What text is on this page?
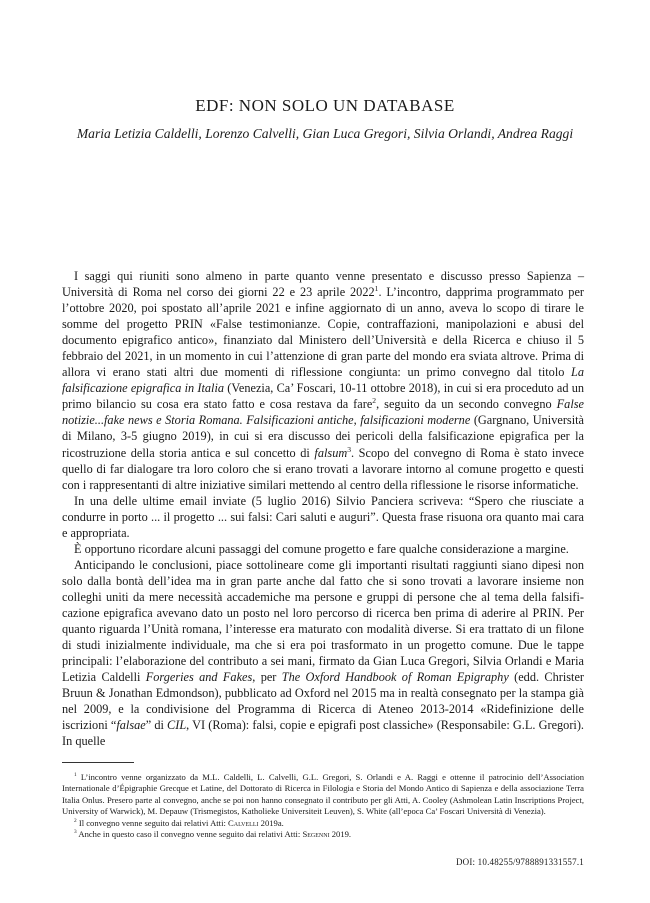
EDF: NON SOLO UN DATABASE
Maria Letizia Caldelli, Lorenzo Calvelli, Gian Luca Gregori, Silvia Orlandi, Andrea Raggi

I saggi qui riuniti sono almeno in parte quanto venne presentato e discusso presso Sapienza – Università di Roma nel corso dei giorni 22 e 23 aprile 2022$^1$. L’incontro, dapprima programmato per l’ottobre 2020, poi spostato all’aprile 2021 e infine aggiornato di un anno, aveva lo scopo di tirare le somme del progetto PRIN «False testimonianze. Copie, contraffazioni, manipolazioni e abusi del documento epigrafico antico», finanziato dal Ministero dell’Università e della Ricerca e chiuso il 5 febbraio del 2021, in un momento in cui l’attenzione di gran parte del mondo era sviata altrove. Prima di allora vi erano stati altri due momenti di riflessione congiunta: un primo convegno dal titolo La falsificazione epigrafica in Italia (Venezia, Ca’ Foscari, 10-11 ottobre 2018), in cui si era proceduto ad un primo bilancio su cosa era stato fatto e cosa restava da fare$^2$, seguito da un secondo convegno False notizie...fake news e Storia Romana. Falsificazioni antiche, falsificazioni moderne (Gargnano, Università di Milano, 3-5 giugno 2019), in cui si era discusso dei pericoli della falsificazione epigrafica per la ricostruzione della storia antica e sul concetto di falsum$^3$. Scopo del convegno di Roma è stato invece quello di far dialogare tra loro coloro che si erano trovati a lavorare intorno al comune progetto e questi con i rappresentanti di altre iniziative similari mettendo al centro della riflessione le risorse informatiche.

In una delle ultime email inviate (5 luglio 2016) Silvio Panciera scriveva: “Spero che riusciate a condurre in porto ... il progetto ... sui falsi: Cari saluti e auguri”. Questa frase risuona ora quanto mai cara e appropriata.

È opportuno ricordare alcuni passaggi del comune progetto e fare qualche considerazione a margine.

Anticipando le conclusioni, piace sottolineare come gli importanti risultati raggiunti siano dipesi non solo dalla bontà dell’idea ma in gran parte anche dal fatto che si sono trovati a lavorare insieme non colleghi uniti da mere necessità accademiche ma persone e gruppi di persone che al tema della falsificazione epigrafica avevano dato un posto nel loro percorso di ricerca ben prima di aderire al PRIN. Per quanto riguarda l’Unità romana, l’interesse era maturato con modalità diverse. Si era trattato di un filone di studi inizialmente individuale, ma che si era poi trasformato in un progetto comune. Due le tappe principali: l’elaborazione del contributo a sei mani, firmato da Gian Luca Gregori, Silvia Orlandi e Maria Letizia Caldelli Forgeries and Fakes, per The Oxford Handbook of Roman Epigraphy (edd. Christer Bruun & Jonathan Edmondson), pubblicato ad Oxford nel 2015 ma in realtà consegnato per la stampa già nel 2009, e la condivisione del Programma di Ricerca di Ateneo 2013-2014 «Ridefinizione delle iscrizioni “falsae” di CIL, VI (Roma): falsi, copie e epigrafi post classiche» (Responsabile: G.L. Gregori). In quelle

$^1$ L’incontro venne organizzato da M.L. Caldelli, L. Calvelli, G.L. Gregori, S. Orlandi e A. Raggi e ottenne il patrocinio dell’Association Internationale d’Épigraphie Grecque et Latine, del Dottorato di Ricerca in Filologia e Storia del Mondo Antico di Sapienza e della associazione Terra Italia Onlus. Presero parte al convegno, anche se poi non hanno consegnato il contributo per gli Atti, A. Cooley (Ashmolean Latin Inscriptions Project, University of Warwick), M. Depauw (Trismegistos, Katholieke Universiteit Leuven), S. White (all’epoca Ca’ Foscari Università di Venezia).

$^2$ Il convegno venne seguito dai relativi Atti: Calvelli 2019a.

$^3$ Anche in questo caso il convegno venne seguito dai relativi Atti: Segenni 2019.

DOI: 10.48255/9788891331557.1
